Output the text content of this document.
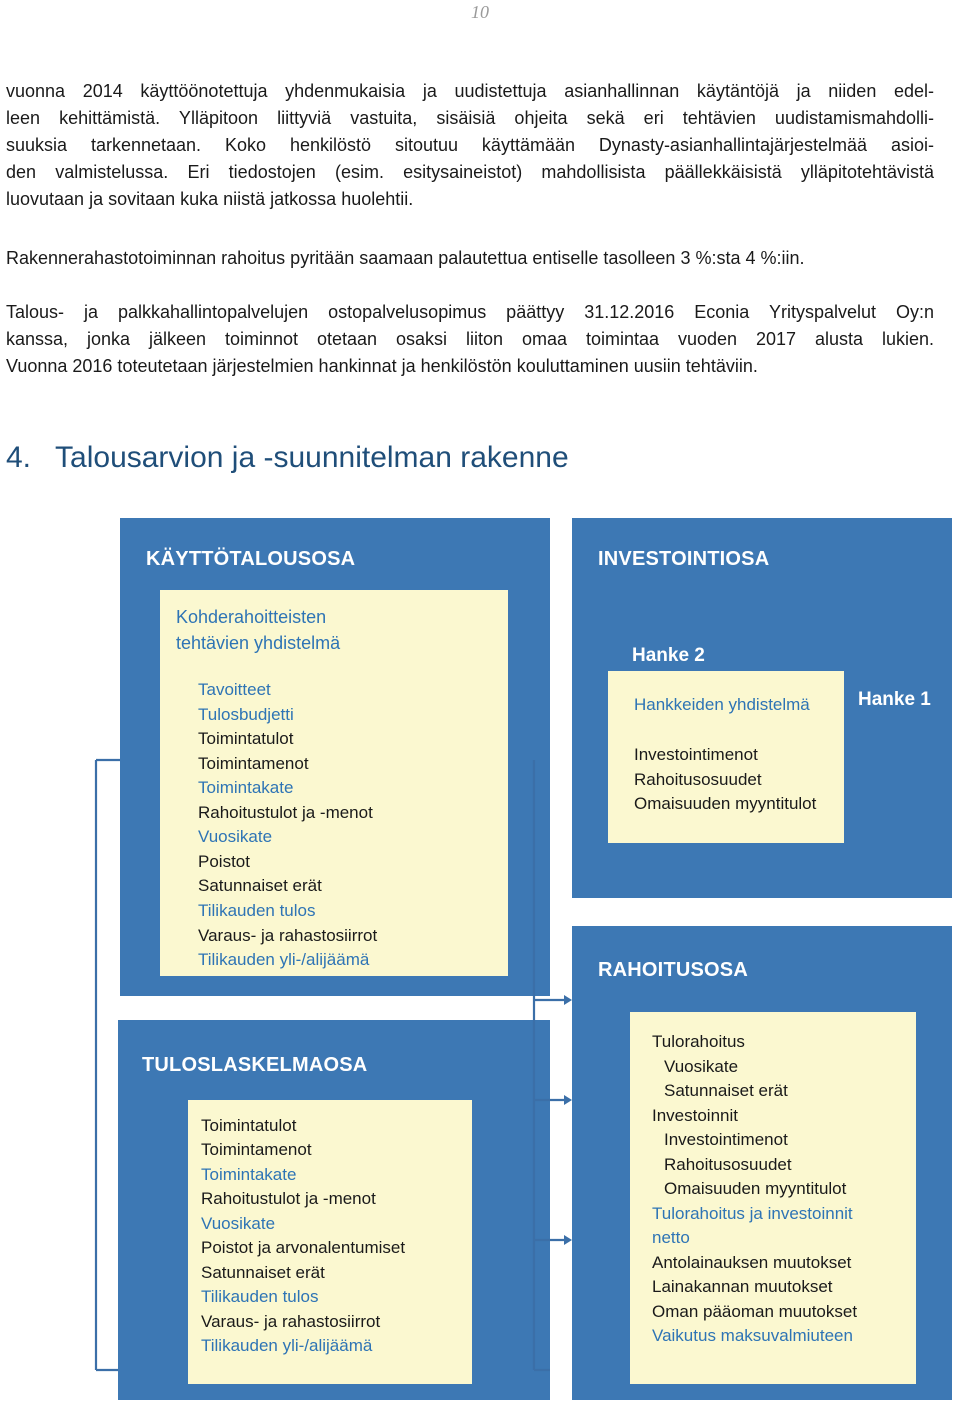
10
vuonna 2014 käyttöönotettuja yhdenmukaisia ja uudistettuja asianhallinnan käytäntöjä ja niiden edel-
leen kehittämistä. Ylläpitoon liittyviä vastuita, sisäisiä ohjeita sekä eri tehtävien uudistamismahdolli-
suuksia tarkennetaan. Koko henkilöstö sitoutuu käyttämään Dynasty-asianhallintajärjestelmää asioi-
den valmistelussa. Eri tiedostojen (esim. esitysaineistot) mahdollisista päällekkäisistä ylläpitotehtävistä
luovutaan ja sovitaan kuka niistä jatkossa huolehtii.
Rakennerahastotoiminnan rahoitus pyritään saamaan palautettua entiselle tasolleen 3 %:sta 4 %:iin.
Talous- ja palkkahallintopalvelujen ostopalvelusopimus päättyy 31.12.2016 Econia Yrityspalvelut Oy:n
kanssa, jonka jälkeen toiminnot otetaan osaksi liiton omaa toimintaa vuoden 2017 alusta lukien.
Vuonna 2016 toteutetaan järjestelmien hankinnat ja henkilöstön kouluttaminen uusiin tehtäviin.
4. Talousarvion ja -suunnitelman rakenne
KÄYTTÖTALOUSOSA
Kohderahoitteisten
tehtävien yhdistelmä
Tavoitteet
Tulosbudjetti
Toimintatulot
Toimintamenot
Toimintakate
Rahoitustulot ja -menot
Vuosikate
Poistot
Satunnaiset erät
Tilikauden tulos
Varaus- ja rahastosiirrot
Tilikauden yli-/alijäämä
INVESTOINTIOSA
Hanke 2
Hanke 1
Hankkeiden yhdistelmä
Investointimenot
Rahoitusosuudet
Omaisuuden myyntitulot
RAHOITUSOSA
Tulorahoitus
Vuosikate
Satunnaiset erät
Investoinnit
Investointimenot
Rahoitusosuudet
Omaisuuden myyntitulot
Tulorahoitus ja investoinnit
netto
Antolainauksen muutokset
Lainakannan muutokset
Oman pääoman muutokset
Vaikutus maksuvalmiuteen
TULOSLASKELMAOSA
Toimintatulot
Toimintamenot
Toimintakate
Rahoitustulot ja -menot
Vuosikate
Poistot ja arvonalentumiset
Satunnaiset erät
Tilikauden tulos
Varaus- ja rahastosiirrot
Tilikauden yli-/alijäämä
